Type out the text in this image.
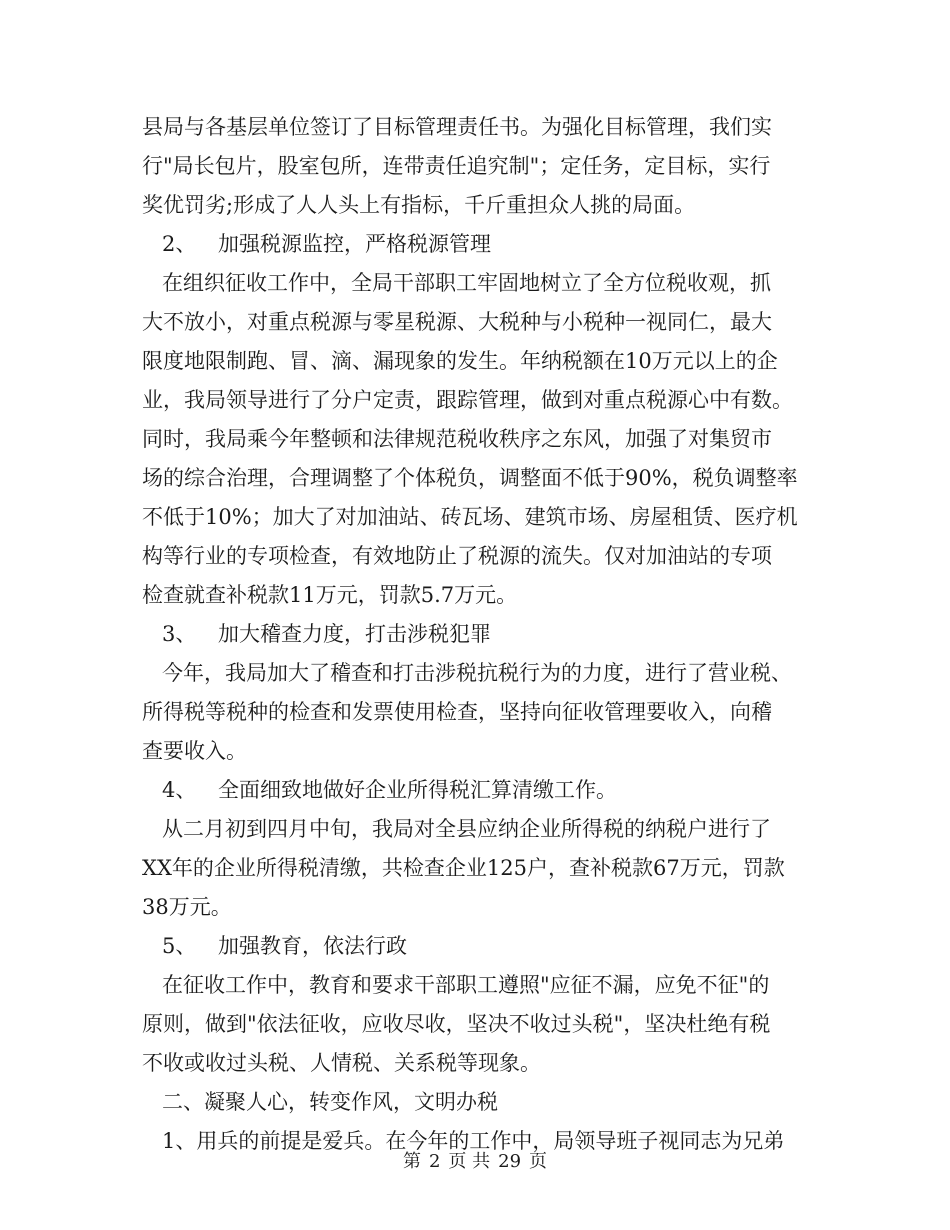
县局与各基层单位签订了目标管理责任书。为强化目标管理，我们实
行"局长包片，股室包所，连带责任追究制"；定任务，定目标，实行
奖优罚劣;形成了人人头上有指标，千斤重担众人挑的局面。
2、 加强税源监控，严格税源管理
在组织征收工作中，全局干部职工牢固地树立了全方位税收观，抓
大不放小，对重点税源与零星税源、大税种与小税种一视同仁，最大
限度地限制跑、冒、滴、漏现象的发生。年纳税额在10万元以上的企
业，我局领导进行了分户定责，跟踪管理，做到对重点税源心中有数。
同时，我局乘今年整顿和法律规范税收秩序之东风，加强了对集贸市
场的综合治理，合理调整了个体税负，调整面不低于90%，税负调整率
不低于10%；加大了对加油站、砖瓦场、建筑市场、房屋租赁、医疗机
构等行业的专项检查，有效地防止了税源的流失。仅对加油站的专项
检查就查补税款11万元，罚款5.7万元。
3、 加大稽查力度，打击涉税犯罪
今年，我局加大了稽查和打击涉税抗税行为的力度，进行了营业税、
所得税等税种的检查和发票使用检查，坚持向征收管理要收入，向稽
查要收入。
4、 全面细致地做好企业所得税汇算清缴工作。
从二月初到四月中旬，我局对全县应纳企业所得税的纳税户进行了
XX年的企业所得税清缴，共检查企业125户，查补税款67万元，罚款
38万元。
5、 加强教育，依法行政
在征收工作中，教育和要求干部职工遵照"应征不漏，应免不征"的
原则，做到"依法征收，应收尽收，坚决不收过头税"，坚决杜绝有税
不收或收过头税、人情税、关系税等现象。
二、凝聚人心，转变作风，文明办税
1、用兵的前提是爱兵。在今年的工作中，局领导班子视同志为兄弟
第 2 页 共 29 页
